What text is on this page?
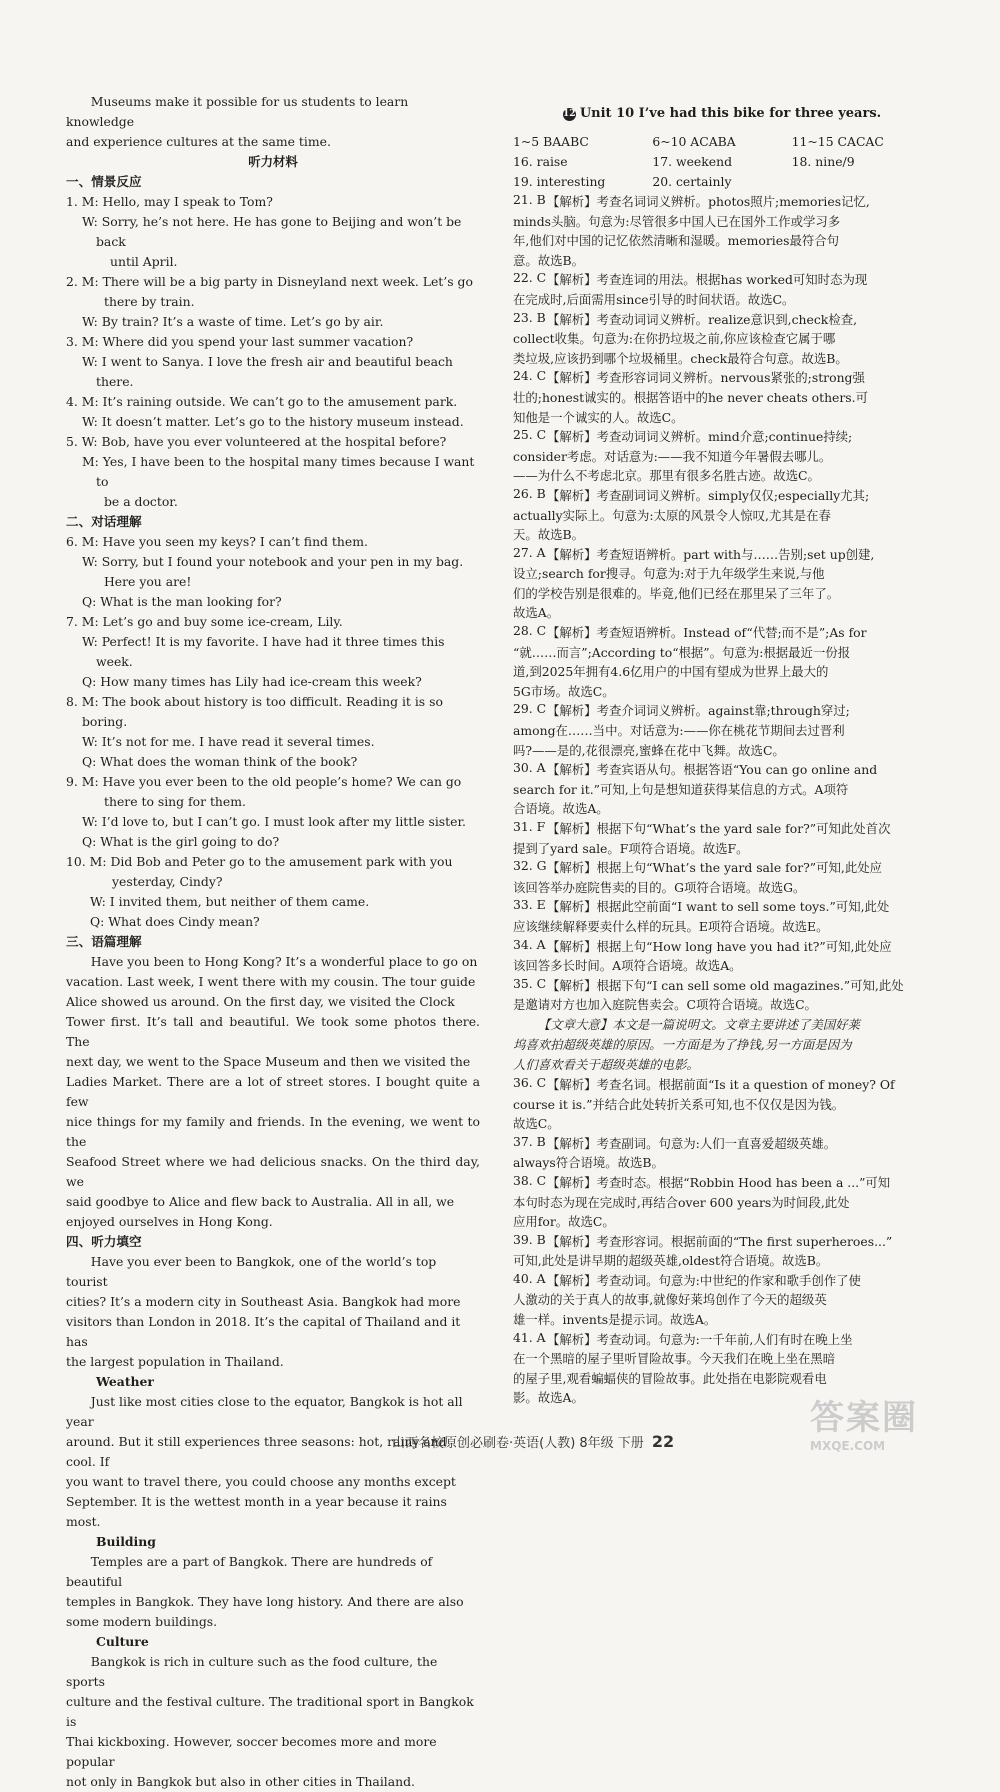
Museums make it possible for us students to learn knowledge

and experience cultures at the same time.

听力材料

一、情景反应
1. M: Hello, may I speak to Tom?
W: Sorry, he’s not here. He has gone to Beijing and won’t be back
until April.
2. M: There will be a big party in Disneyland next week. Let’s go
there by train.
W: By train? It’s a waste of time. Let’s go by air.
3. M: Where did you spend your last summer vacation?
W: I went to Sanya. I love the fresh air and beautiful beach there.
4. M: It’s raining outside. We can’t go to the amusement park.
W: It doesn’t matter. Let’s go to the history museum instead.
5. W: Bob, have you ever volunteered at the hospital before?
M: Yes, I have been to the hospital many times because I want to
be a doctor.
二、对话理解
6. M: Have you seen my keys? I can’t find them.
W: Sorry, but I found your notebook and your pen in my bag.
Here you are!
Q: What is the man looking for?
7. M: Let’s go and buy some ice-cream, Lily.
W: Perfect! It is my favorite. I have had it three times this week.
Q: How many times has Lily had ice-cream this week?
8. M: The book about history is too difficult. Reading it is so boring.
W: It’s not for me. I have read it several times.
Q: What does the woman think of the book?
9. M: Have you ever been to the old people’s home? We can go
there to sing for them.
W: I’d love to, but I can’t go. I must look after my little sister.
Q: What is the girl going to do?
10. M: Did Bob and Peter go to the amusement park with you
yesterday, Cindy?
W: I invited them, but neither of them came.
Q: What does Cindy mean?
三、语篇理解

Have you been to Hong Kong? It’s a wonderful place to go on

vacation. Last week, I went there with my cousin. The tour guide

Alice showed us around. On the first day, we visited the Clock

Tower first. It’s tall and beautiful. We took some photos there. The

next day, we went to the Space Museum and then we visited the

Ladies Market. There are a lot of street stores. I bought quite a few

nice things for my family and friends. In the evening, we went to the

Seafood Street where we had delicious snacks. On the third day, we

said goodbye to Alice and flew back to Australia. All in all, we

enjoyed ourselves in Hong Kong.

四、听力填空

Have you ever been to Bangkok, one of the world’s top tourist

cities? It’s a modern city in Southeast Asia. Bangkok had more

visitors than London in 2018. It’s the capital of Thailand and it has

the largest population in Thailand.

Weather

Just like most cities close to the equator, Bangkok is hot all year

around. But it still experiences three seasons: hot, rainy and cool. If

you want to travel there, you could choose any months except

September. It is the wettest month in a year because it rains most.

Building

Temples are a part of Bangkok. There are hundreds of beautiful

temples in Bangkok. They have long history. And there are also

some modern buildings.

Culture

Bangkok is rich in culture such as the food culture, the sports

culture and the festival culture. The traditional sport in Bangkok is

Thai kickboxing. However, soccer becomes more and more popular

not only in Bangkok but also in other cities in Thailand.

12 Unit 10 I’ve had this bike for three years.
1~5 BAABC	6~10 ACABA	11~15 CACAC
16. raise	17. weekend	18. nine/9
19. interesting	20. certainly
21. B 【解析】考查名词词义辨析。photos照片;memories记忆,
minds头脑。句意为:尽管很多中国人已在国外工作或学习多
年,他们对中国的记忆依然清晰和湿暖。memories最符合句
意。故选B。
22. C 【解析】考查连词的用法。根据has worked可知时态为现
在完成时,后面需用since引导的时间状语。故选C。
23. B 【解析】考查动词词义辨析。realize意识到,check检查,
collect收集。句意为:在你扔垃圾之前,你应该检查它属于哪
类垃圾,应该扔到哪个垃圾桶里。check最符合句意。故选B。
24. C 【解析】考查形容词词义辨析。nervous紧张的;strong强
壮的;honest诚实的。根据答语中的he never cheats others.可
知他是一个诚实的人。故选C。
25. C 【解析】考查动词词义辨析。mind介意;continue持续;
consider考虑。对话意为:——我不知道今年暑假去哪儿。
——为什么不考虑北京。那里有很多名胜古迹。故选C。
26. B 【解析】考查副词词义辨析。simply仅仅;especially尤其;
actually实际上。句意为:太原的风景令人惊叹,尤其是在春
天。故选B。
27. A 【解析】考查短语辨析。part with与……告别;set up创建,
设立;search for搜寻。句意为:对于九年级学生来说,与他
们的学校告别是很难的。毕竟,他们已经在那里呆了三年了。
故选A。
28. C 【解析】考查短语辨析。Instead of“代替;而不是”;As for
“就……而言”;According to“根据”。句意为:根据最近一份报
道,到2025年拥有4.6亿用户的中国有望成为世界上最大的
5G市场。故选C。
29. C 【解析】考查介词词义辨析。against靠;through穿过;
among在……当中。对话意为:——你在桃花节期间去过晋利
吗?——是的,花很漂亮,蜜蜂在花中飞舞。故选C。
30. A 【解析】考查宾语从句。根据答语“You can go online and
search for it.”可知,上句是想知道获得某信息的方式。A项符
合语境。故选A。
31. F 【解析】根据下句“What’s the yard sale for?”可知此处首次
提到了yard sale。F项符合语境。故选F。
32. G 【解析】根据上句“What’s the yard sale for?”可知,此处应
该回答举办庭院售卖的目的。G项符合语境。故选G。
33. E 【解析】根据此空前面“I want to sell some toys.”可知,此处
应该继续解释要卖什么样的玩具。E项符合语境。故选E。
34. A 【解析】根据上句“How long have you had it?”可知,此处应
该回答多长时间。A项符合语境。故选A。
35. C 【解析】根据下句“I can sell some old magazines.”可知,此处
是邀请对方也加入庭院售卖会。C项符合语境。故选C。
【文章大意】本文是一篇说明文。文章主要讲述了美国好莱
坞喜欢拍超级英雄的原因。一方面是为了挣钱,另一方面是因为
人们喜欢看关于超级英雄的电影。
36. C 【解析】考查名词。根据前面“Is it a question of money? Of
course it is.”并结合此处转折关系可知,也不仅仅是因为钱。
故选C。
37. B 【解析】考查副词。句意为:人们一直喜爱超级英雄。
always符合语境。故选B。
38. C 【解析】考查时态。根据“Robbin Hood has been a ...”可知
本句时态为现在完成时,再结合over 600 years为时间段,此处
应用for。故选C。
39. B 【解析】考查形容词。根据前面的“The first superheroes...”
可知,此处是讲早期的超级英雄,oldest符合语境。故选B。
40. A 【解析】考查动词。句意为:中世纪的作家和歌手创作了使
人激动的关于真人的故事,就像好莱坞创作了今天的超级英
雄一样。invents是提示词。故选A。
41. A 【解析】考查动词。句意为:一千年前,人们有时在晚上坐
在一个黑暗的屋子里听冒险故事。今天我们在晚上坐在黑暗
的屋子里,观看蝙蝠侠的冒险故事。此处指在电影院观看电
影。故选A。
山西名校原创必刷卷·英语(人教) 8年级 下册 22
答案圈
MXQE.COM
